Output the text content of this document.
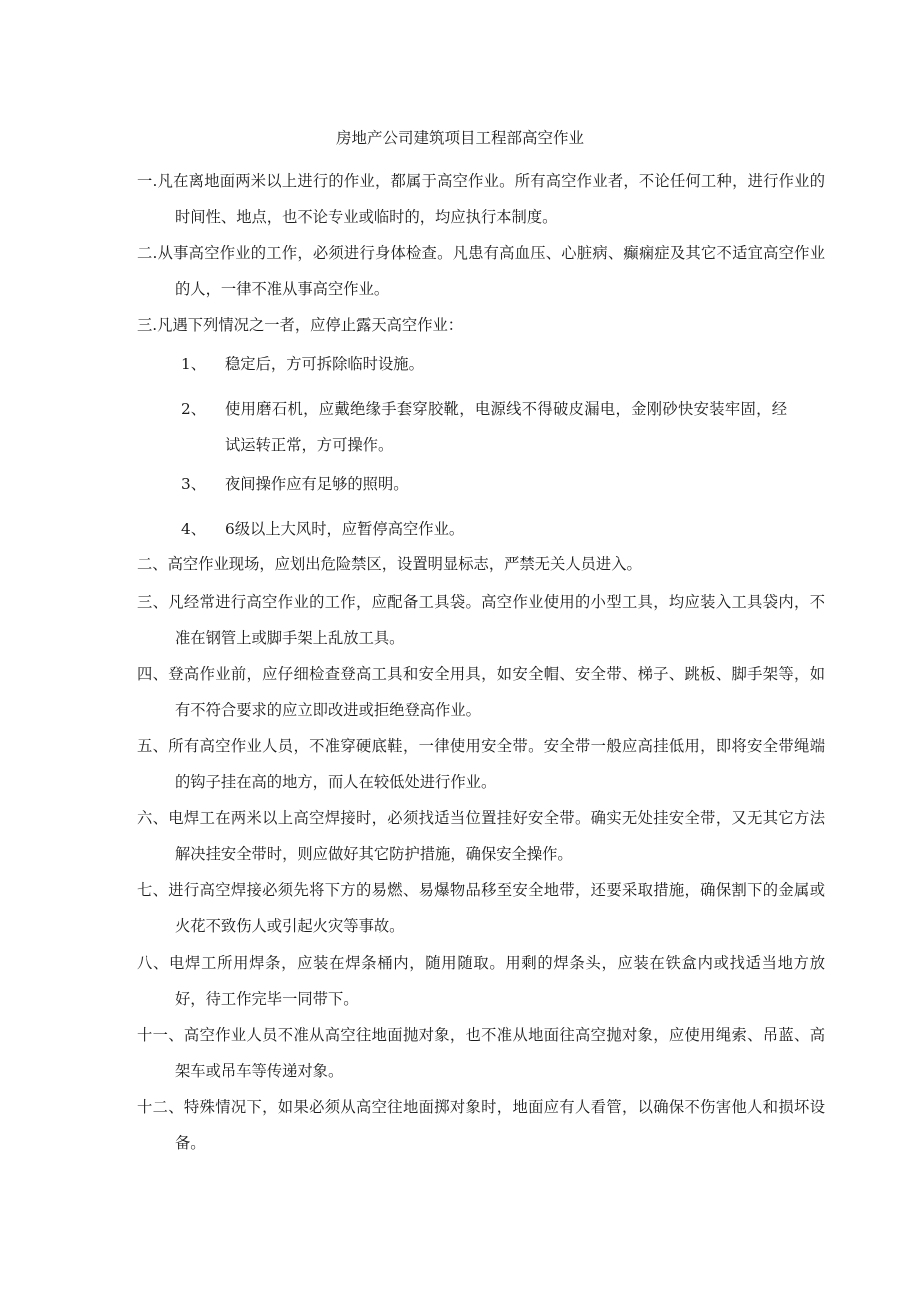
房地产公司建筑项目工程部高空作业
一.凡在离地面两米以上进行的作业，都属于高空作业。所有高空作业者，不论任何工种，进行作业的时间性、地点，也不论专业或临时的，均应执行本制度。
二.从事高空作业的工作，必须进行身体检查。凡患有高血压、心脏病、癫痫症及其它不适宜高空作业的人，一律不准从事高空作业。
三.凡遇下列情况之一者，应停止露天高空作业：
1、	稳定后，方可拆除临时设施。
2、	使用磨石机，应戴绝缘手套穿胶靴，电源线不得破皮漏电，金刚砂快安装牢固，经试运转正常，方可操作。
3、	夜间操作应有足够的照明。
4、	6级以上大风时，应暂停高空作业。
二、高空作业现场，应划出危险禁区，设置明显标志，严禁无关人员进入。
三、凡经常进行高空作业的工作，应配备工具袋。高空作业使用的小型工具，均应装入工具袋内，不准在钢管上或脚手架上乱放工具。
四、登高作业前，应仔细检查登高工具和安全用具，如安全帽、安全带、梯子、跳板、脚手架等，如有不符合要求的应立即改进或拒绝登高作业。
五、所有高空作业人员，不准穿硬底鞋，一律使用安全带。安全带一般应高挂低用，即将安全带绳端的钩子挂在高的地方，而人在较低处进行作业。
六、电焊工在两米以上高空焊接时，必须找适当位置挂好安全带。确实无处挂安全带，又无其它方法解决挂安全带时，则应做好其它防护措施，确保安全操作。
七、进行高空焊接必须先将下方的易燃、易爆物品移至安全地带，还要采取措施，确保割下的金属或火花不致伤人或引起火灾等事故。
八、电焊工所用焊条，应装在焊条桶内，随用随取。用剩的焊条头，应装在铁盒内或找适当地方放好，待工作完毕一同带下。
十一、高空作业人员不准从高空往地面抛对象，也不准从地面往高空抛对象，应使用绳索、吊蓝、高架车或吊车等传递对象。
十二、特殊情况下，如果必须从高空往地面掷对象时，地面应有人看管，以确保不伤害他人和损坏设备。
